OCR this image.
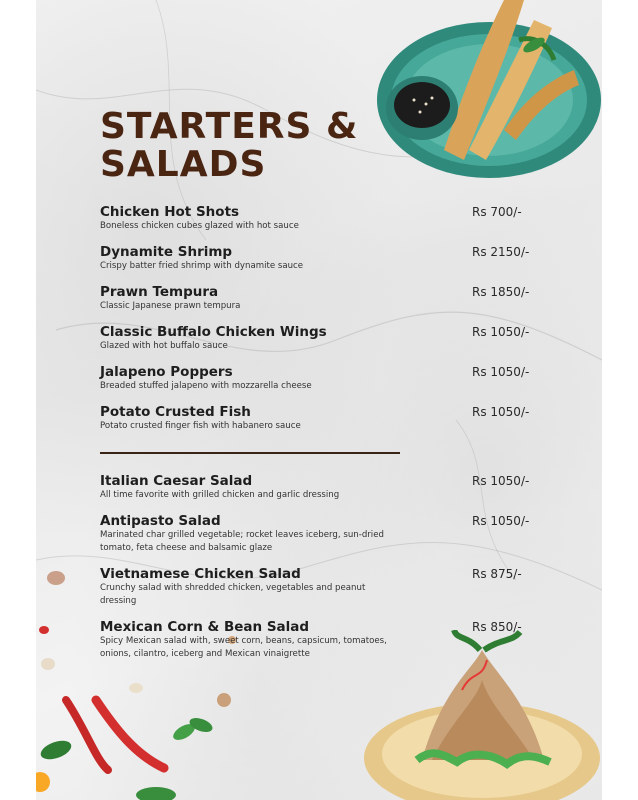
STARTERS &
SALADS
Chicken Hot Shots
Boneless chicken cubes glazed with hot sauce
Rs 700/-
Dynamite Shrimp
Crispy batter fried shrimp with dynamite sauce
Rs 2150/-
Prawn Tempura
Classic Japanese prawn tempura
Rs 1850/-
Classic Buffalo Chicken Wings
Glazed with hot buffalo sauce
Rs 1050/-
Jalapeno Poppers
Breaded stuffed jalapeno with mozzarella cheese
Rs 1050/-
Potato Crusted Fish
Potato crusted finger fish with habanero sauce
Rs 1050/-
Italian Caesar Salad
All time favorite with grilled chicken and garlic dressing
Rs 1050/-
Antipasto Salad
Marinated char grilled vegetable; rocket leaves iceberg, sun-dried tomato, feta cheese and balsamic glaze
Rs 1050/-
Vietnamese Chicken Salad
Crunchy salad with shredded chicken, vegetables and peanut dressing
Rs 875/-
Mexican Corn & Bean Salad
Spicy Mexican salad with, sweet corn, beans, capsicum, tomatoes, onions, cilantro, iceberg and Mexican vinaigrette
Rs 850/-
